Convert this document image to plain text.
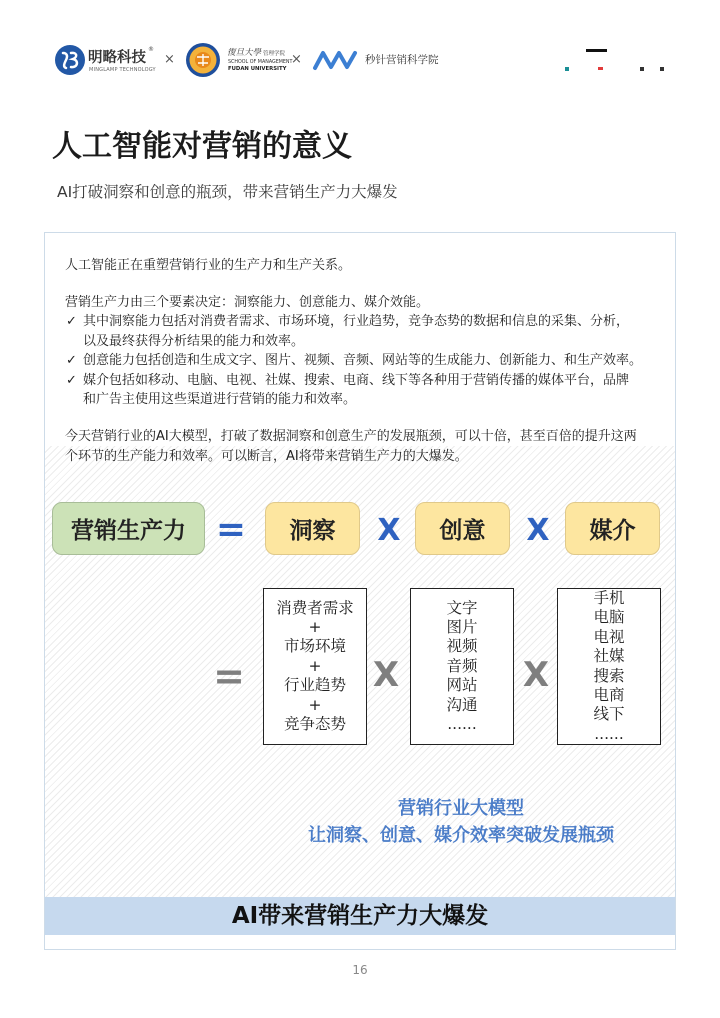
明略科技
®
MINGLAMP TECHNOLOGY
×	復旦大學 管理学院
SCHOOL OF MANAGEMENT
FUDAN UNIVERSITY
×	秒针营销科学院
人工智能对营销的意义
AI打破洞察和创意的瓶颈，带来营销生产力大爆发

人工智能正在重塑营销行业的生产力和生产关系。

营销生产力由三个要素决定：洞察能力、创意能力、媒介效能。

✓ 其中洞察能力包括对消费者需求、市场环境，行业趋势，竞争态势的数据和信息的采集、分析，
以及最终获得分析结果的能力和效率。
✓ 创意能力包括创造和生成文字、图片、视频、音频、网站等的生成能力、创新能力、和生产效率。
✓ 媒介包括如移动、电脑、电视、社媒、搜索、电商、线下等各种用于营销传播的媒体平台，品牌
和广告主使用这些渠道进行营销的能力和效率。

今天营销行业的AI大模型，打破了数据洞察和创意生产的发展瓶颈，可以十倍，甚至百倍的提升这两
个环节的生产能力和效率。可以断言，AI将带来营销生产力的大爆发。

营销生产力 =	洞察	X	创意	X	媒介
=
消费者需求
+
市场环境
+
行业趋势
+
竞争态势
X
文字
图片
视频
音频
网站
沟通
......
X
手机
电脑
电视
社媒
搜索
电商
线下
......
营销行业大模型
让洞察、创意、媒介效率突破发展瓶颈
AI带来营销生产力大爆发
16
